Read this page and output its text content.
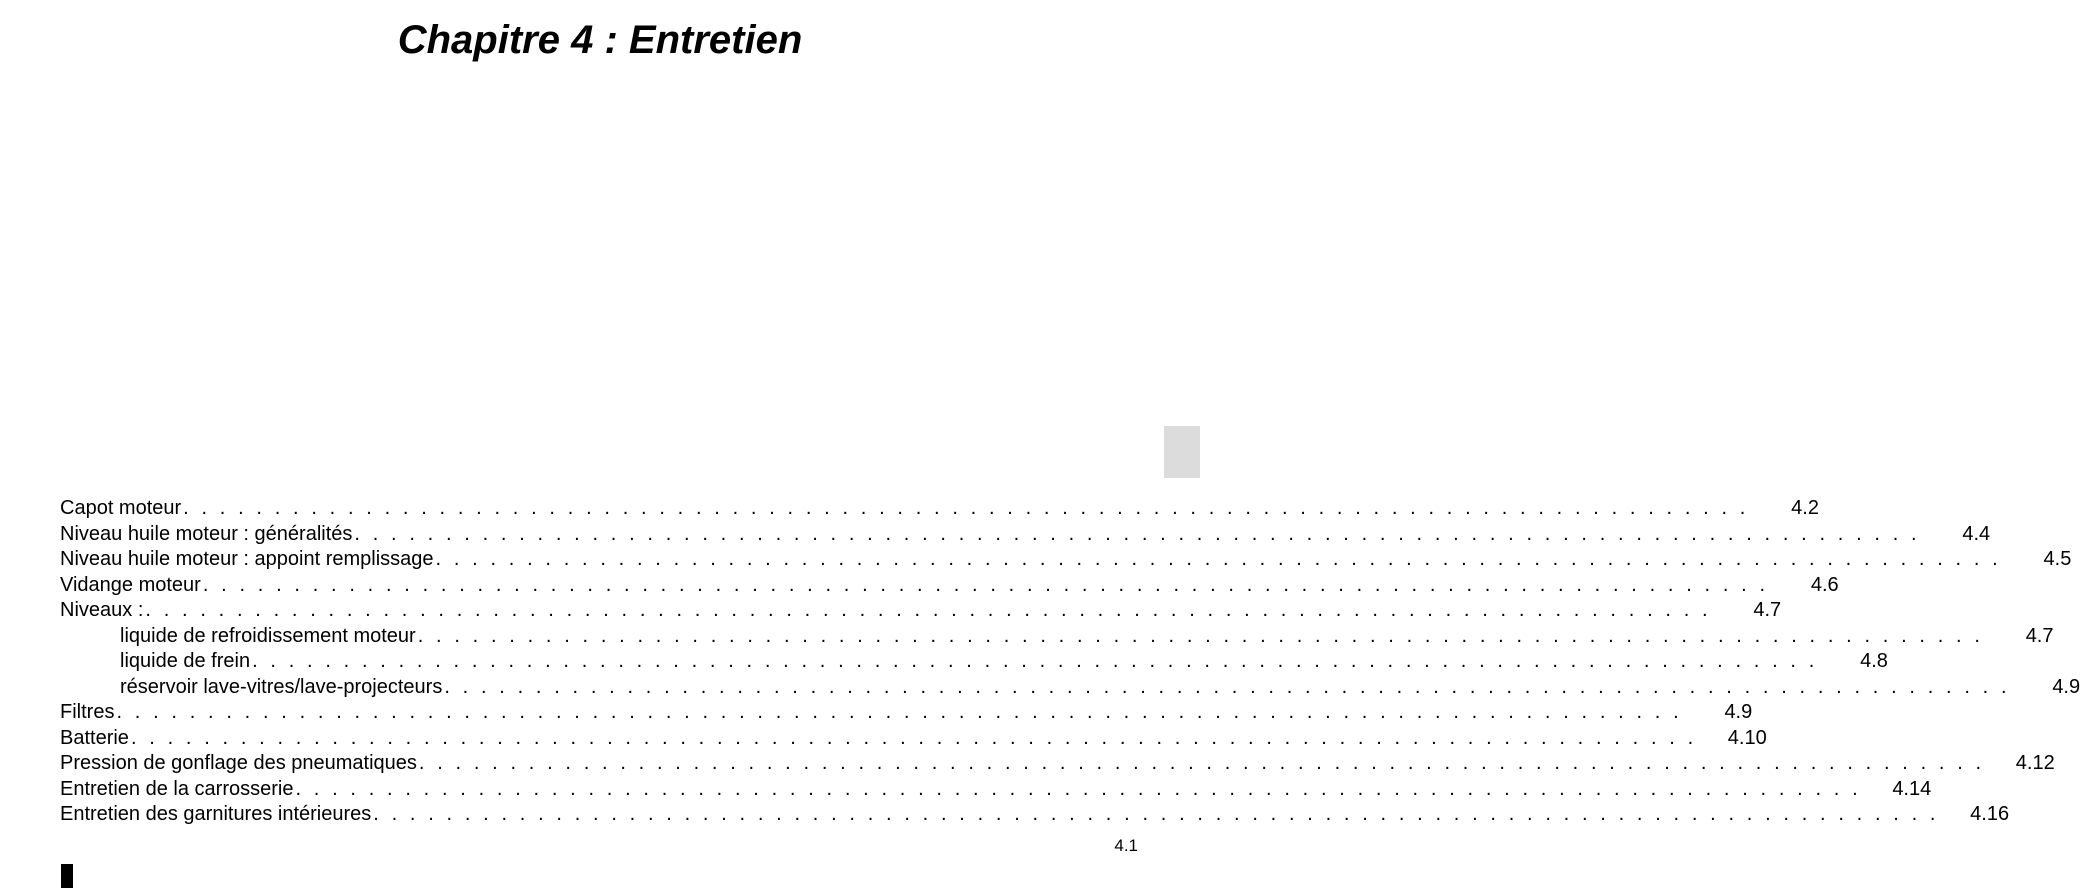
Chapitre 4 : Entretien
Capot moteur . . . . . . . . . . . . . . . . . . . . . . . . . . . . . . . . . . . . . . . . . . . . . . . . . . . . . . . . . . . . . . . . . . . . . . . . . . . . . . . . . . . . . .	4.2
Niveau huile moteur : généralités . . . . . . . . . . . . . . . . . . . . . . . . . . . . . . . . . . . . . . . . . . . . . . . . . . . . . . . . . . . . . . . . . . . . . . . . . . . . . . . . . . . . . .	4.4
Niveau huile moteur : appoint remplissage . . . . . . . . . . . . . . . . . . . . . . . . . . . . . . . . . . . . . . . . . . . . . . . . . . . . . . . . . . . . . . . . . . . . . . . . . . . . . . . . . . . . . .	4.5
Vidange moteur . . . . . . . . . . . . . . . . . . . . . . . . . . . . . . . . . . . . . . . . . . . . . . . . . . . . . . . . . . . . . . . . . . . . . . . . . . . . . . . . . . . . . .	4.6
Niveaux : . . . . . . . . . . . . . . . . . . . . . . . . . . . . . . . . . . . . . . . . . . . . . . . . . . . . . . . . . . . . . . . . . . . . . . . . . . . . . . . . . . . . . .	4.7
liquide de refroidissement moteur . . . . . . . . . . . . . . . . . . . . . . . . . . . . . . . . . . . . . . . . . . . . . . . . . . . . . . . . . . . . . . . . . . . . . . . . . . . . . . . . . . . . . .	4.7
liquide de frein . . . . . . . . . . . . . . . . . . . . . . . . . . . . . . . . . . . . . . . . . . . . . . . . . . . . . . . . . . . . . . . . . . . . . . . . . . . . . . . . . . . . . .	4.8
réservoir lave-vitres/lave-projecteurs . . . . . . . . . . . . . . . . . . . . . . . . . . . . . . . . . . . . . . . . . . . . . . . . . . . . . . . . . . . . . . . . . . . . . . . . . . . . . . . . . . . . . .	4.9
Filtres . . . . . . . . . . . . . . . . . . . . . . . . . . . . . . . . . . . . . . . . . . . . . . . . . . . . . . . . . . . . . . . . . . . . . . . . . . . . . . . . . . . . . .	4.9
Batterie . . . . . . . . . . . . . . . . . . . . . . . . . . . . . . . . . . . . . . . . . . . . . . . . . . . . . . . . . . . . . . . . . . . . . . . . . . . . . . . . . . . . . .	4.10
Pression de gonflage des pneumatiques . . . . . . . . . . . . . . . . . . . . . . . . . . . . . . . . . . . . . . . . . . . . . . . . . . . . . . . . . . . . . . . . . . . . . . . . . . . . . . . . . . . . . .	4.12
Entretien de la carrosserie . . . . . . . . . . . . . . . . . . . . . . . . . . . . . . . . . . . . . . . . . . . . . . . . . . . . . . . . . . . . . . . . . . . . . . . . . . . . . . . . . . . . . .	4.14
Entretien des garnitures intérieures . . . . . . . . . . . . . . . . . . . . . . . . . . . . . . . . . . . . . . . . . . . . . . . . . . . . . . . . . . . . . . . . . . . . . . . . . . . . . . . . . . . . . .	4.16
4.1
